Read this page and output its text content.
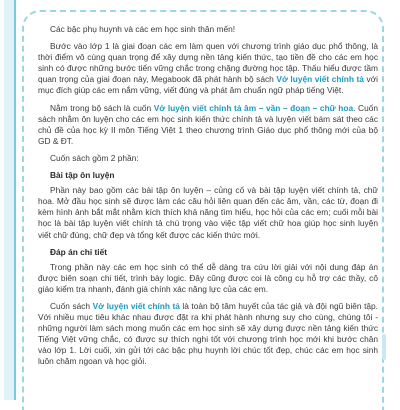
Các bậc phụ huynh và các em học sinh thân mến!

Bước vào lớp 1 là giai đoạn các em làm quen với chương trình giáo dục phổ thông, là thời điểm vô cùng quan trọng để xây dựng nền tảng kiến thức, tạo tiền đề cho các em học sinh có được những bước tiến vững chắc trong chặng đường học tập. Thấu hiểu được tầm quan trọng của giai đoạn này, Megabook đã phát hành bộ sách Vở luyện viết chính tả với mục đích giúp các em nắm vững, viết đúng và phát âm chuẩn ngữ pháp tiếng Việt.

Nằm trong bộ sách là cuốn Vở luyện viết chính tả âm – vần – đoạn – chữ hoa. Cuốn sách nhằm ôn luyện cho các em học sinh kiến thức chính tả và luyện viết bám sát theo các chủ đề của học kỳ II môn Tiếng Việt 1 theo chương trình Giáo dục phổ thông mới của bộ GD & ĐT.

Cuốn sách gồm 2 phần:

Bài tập ôn luyện

Phần này bao gồm các bài tập ôn luyện – củng cố và bài tập luyện viết chính tả, chữ hoa. Mở đầu học sinh sẽ được làm các câu hỏi liên quan đến các âm, vần, các từ, đoạn đi kèm hình ảnh bắt mắt nhằm kích thích khả năng tìm hiểu, học hỏi của các em; cuối mỗi bài học là bài tập luyện viết chính tả chú trọng vào việc tập viết chữ hoa giúp học sinh luyện viết chữ đúng, chữ đẹp và tổng kết được các kiến thức mới.

Đáp án chi tiết

Trong phần này các em học sinh có thể dễ dàng tra cứu lời giải với nội dung đáp án được biên soạn chi tiết, trình bày logic. Đây cũng được coi là công cụ hỗ trợ các thầy, cô giáo kiểm tra nhanh, đánh giá chính xác năng lực của các em.

Cuốn sách Vở luyện viết chính tả là toàn bộ tâm huyết của tác giả và đội ngũ biên tập. Với nhiều mục tiêu khác nhau được đặt ra khi phát hành nhưng suy cho cùng, chúng tôi - những người làm sách mong muốn các em học sinh sẽ xây dựng được nền tảng kiến thức Tiếng Việt vững chắc, có được sự thích nghi tốt với chương trình học mới khi bước chân vào lớp 1. Lời cuối, xin gửi tới các bậc phụ huynh lời chúc tốt đẹp, chúc các em học sinh luôn chăm ngoan và học giỏi.
